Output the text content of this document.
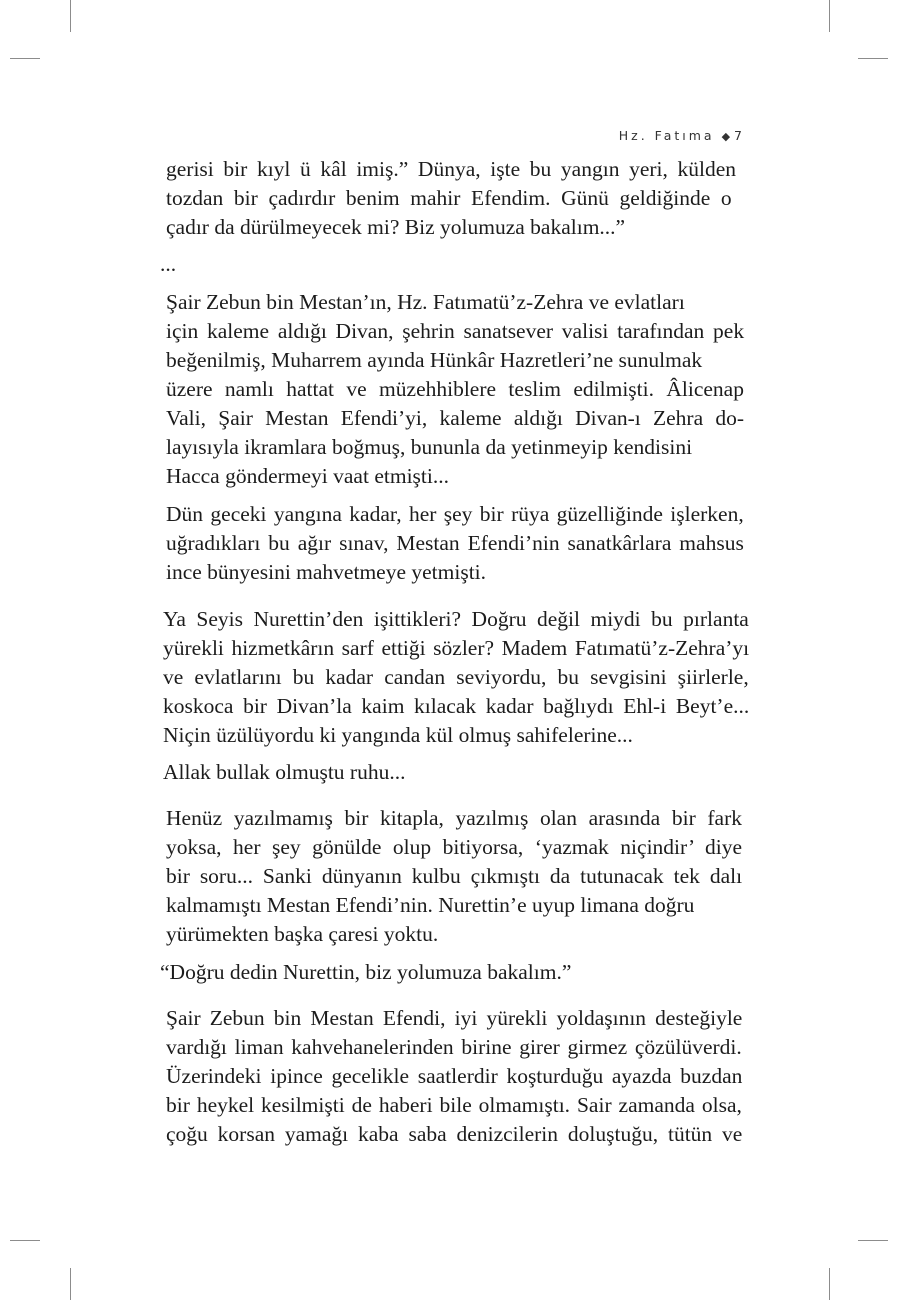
Hz. Fatıma ◆ 7
gerisi bir kıyl ü kâl imiş.” Dünya, işte bu yangın yeri, külden
tozdan bir çadırdır benim mahir Efendim. Günü geldiğinde o
çadır da dürülmeyecek mi? Biz yolumuza bakalım...”
...
Şair Zebun bin Mestan’ın, Hz. Fatımatü’z-Zehra ve evlatları
için kaleme aldığı Divan, şehrin sanatsever valisi tarafından pek
beğenilmiş, Muharrem ayında Hünkâr Hazretleri’ne sunulmak
üzere namlı hattat ve müzehhiblere teslim edilmişti. Âlicenap
Vali, Şair Mestan Efendi’yi, kaleme aldığı Divan-ı Zehra do-
layısıyla ikramlara boğmuş, bununla da yetinmeyip kendisini
Hacca göndermeyi vaat etmişti...
Dün geceki yangına kadar, her şey bir rüya güzelliğinde işlerken,
uğradıkları bu ağır sınav, Mestan Efendi’nin sanatkârlara mahsus
ince bünyesini mahvetmeye yetmişti.
Ya Seyis Nurettin’den işittikleri? Doğru değil miydi bu pırlanta
yürekli hizmetkârın sarf ettiği sözler? Madem Fatımatü’z-Zehra’yı
ve evlatlarını bu kadar candan seviyordu, bu sevgisini şiirlerle,
koskoca bir Divan’la kaim kılacak kadar bağlıydı Ehl-i Beyt’e...
Niçin üzülüyordu ki yangında kül olmuş sahifelerine...
Allak bullak olmuştu ruhu...
Henüz yazılmamış bir kitapla, yazılmış olan arasında bir fark
yoksa, her şey gönülde olup bitiyorsa, ‘yazmak niçindir’ diye
bir soru... Sanki dünyanın kulbu çıkmıştı da tutunacak tek dalı
kalmamıştı Mestan Efendi’nin. Nurettin’e uyup limana doğru
yürümekten başka çaresi yoktu.
“Doğru dedin Nurettin, biz yolumuza bakalım.”
Şair Zebun bin Mestan Efendi, iyi yürekli yoldaşının desteğiyle
vardığı liman kahvehanelerinden birine girer girmez çözülüverdi.
Üzerindeki ipince gecelikle saatlerdir koşturduğu ayazda buzdan
bir heykel kesilmişti de haberi bile olmamıştı. Sair zamanda olsa,
çoğu korsan yamağı kaba saba denizcilerin doluştuğu, tütün ve
